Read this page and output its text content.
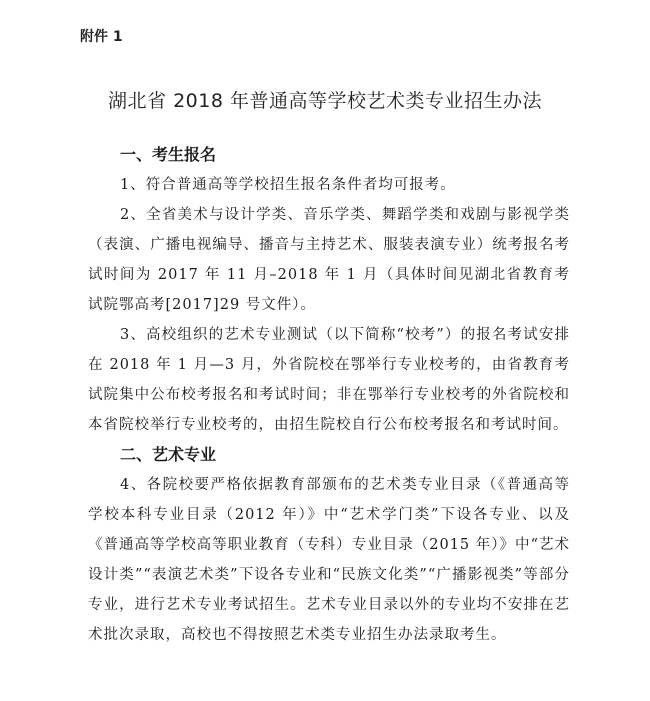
附件 1
湖北省 2018 年普通高等学校艺术类专业招生办法
一、考生报名

1、符合普通高等学校招生报名条件者均可报考。

2、全省美术与设计学类、音乐学类、舞蹈学类和戏剧与影视学类（表演、广播电视编导、播音与主持艺术、服装表演专业）统考报名考试时间为 2017 年 11 月–2018 年 1 月（具体时间见湖北省教育考试院鄂高考[2017]29 号文件）。

3、高校组织的艺术专业测试（以下简称“校考”）的报名考试安排在 2018 年 1 月—3 月，外省院校在鄂举行专业校考的，由省教育考试院集中公布校考报名和考试时间；非在鄂举行专业校考的外省院校和本省院校举行专业校考的，由招生院校自行公布校考报名和考试时间。

二、艺术专业

4、各院校要严格依据教育部颁布的艺术类专业目录（《普通高等学校本科专业目录（2012 年）》中“艺术学门类”下设各专业、以及《普通高等学校高等职业教育（专科）专业目录（2015 年）》中“艺术设计类”“表演艺术类”下设各专业和“民族文化类”“广播影视类”等部分专业，进行艺术专业考试招生。艺术专业目录以外的专业均不安排在艺术批次录取，高校也不得按照艺术类专业招生办法录取考生。
